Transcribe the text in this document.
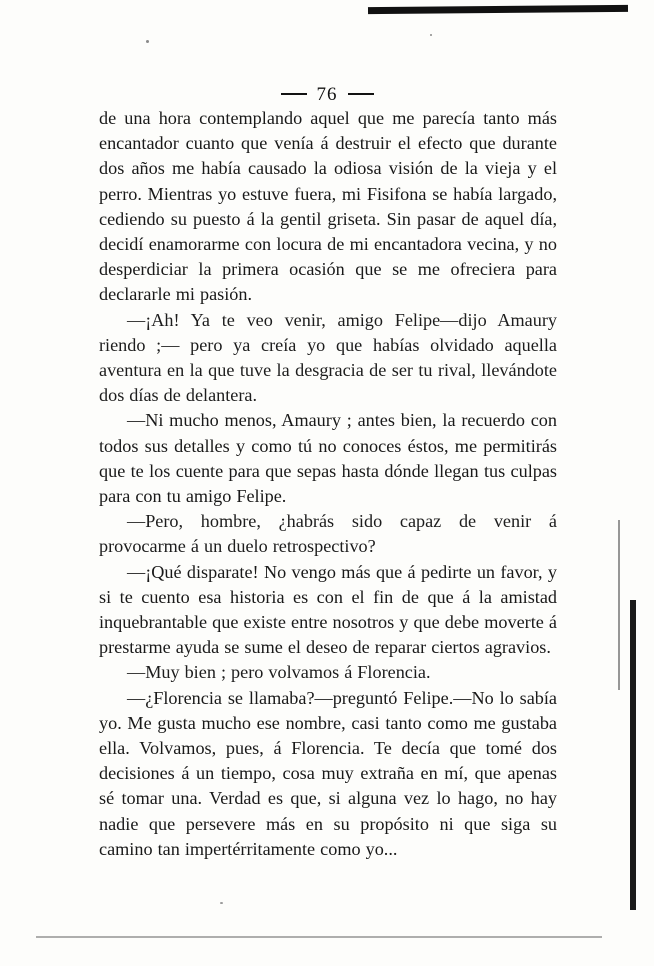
76

de una hora contemplando aquel que me parecía tanto más encantador cuanto que venía á destruir el efecto que durante dos años me había causado la odiosa visión de la vieja y el perro. Mientras yo estuve fuera, mi Fisifona se había largado, cediendo su puesto á la gentil griseta. Sin pasar de aquel día, decidí enamorarme con locura de mi encantadora vecina, y no desperdiciar la primera ocasión que se me ofreciera para declararle mi pasión.

—¡Ah! Ya te veo venir, amigo Felipe—dijo Amaury riendo ;— pero ya creía yo que habías olvidado aquella aventura en la que tuve la desgracia de ser tu rival, llevándote dos días de delantera.

—Ni mucho menos, Amaury ; antes bien, la recuerdo con todos sus detalles y como tú no conoces éstos, me permitirás que te los cuente para que sepas hasta dónde llegan tus culpas para con tu amigo Felipe.

—Pero, hombre, ¿habrás sido capaz de venir á provocarme á un duelo retrospectivo?

—¡Qué disparate! No vengo más que á pedirte un favor, y si te cuento esa historia es con el fin de que á la amistad inquebrantable que existe entre nosotros y que debe moverte á prestarme ayuda se sume el deseo de reparar ciertos agravios.

—Muy bien ; pero volvamos á Florencia.

—¿Florencia se llamaba?—preguntó Felipe.—No lo sabía yo. Me gusta mucho ese nombre, casi tanto como me gustaba ella. Volvamos, pues, á Florencia. Te decía que tomé dos decisiones á un tiempo, cosa muy extraña en mí, que apenas sé tomar una. Verdad es que, si alguna vez lo hago, no hay nadie que persevere más en su propósito ni que siga su camino tan impertérritamente como yo...
